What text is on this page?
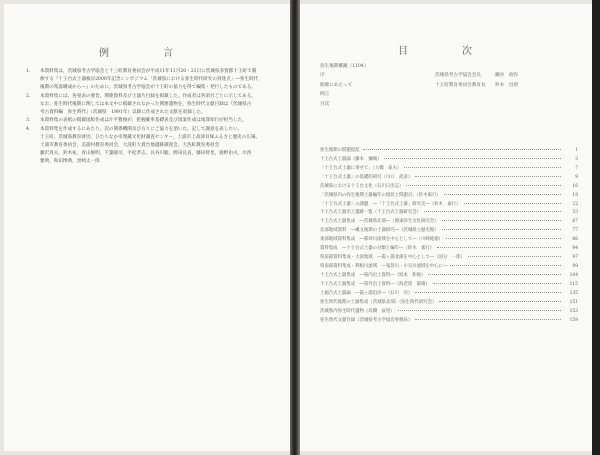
例　言
1.	本資料集は，茨城県考古学協会と十三町教育委員会が平成11年11月20・21日に茨城県多賀郡十王町で開
催する『十王台式土器検討2000年記念シンポジウム「茨城県における弥生時代研究の到達点」―弥生時代
後期の集落構成から―』のために，茨城県考古学協会が十王町の協力を得て編集・発行したものである。
2.	本資料集には，各発表の要旨，関連資料及び土器片目録を掲載した。作成者は各項目ごとに示してある。
なお，弥生時代後期に関しては本文中に掲載されなかった関連遺物を，弥生時代文献目録は『茨城県古
考古資料編　弥生時代』（茨城県　1991年）以降に作成された文献を収録した。
3.	本資料集の表紙の掲載図版作成は片平雅俊が，把握確率基礎表及び図案作成は尾澤知行が担当した。
4.	本資料集を作成するにあたり，次の関係機関及び方々にご協力を頂いた。記して謝意を表したい。
十王町，茨城県教育財団，ひたちなか市埋蔵文化財調査センター，土浦市上高津貝塚ふるさと歴史の広場，
土浦市教育委員会，美浦村教育委員会，大洗町大貫台地遺跡調査会，大洗町教育委員会
藤沢真夫，鈴木祐，青山俊明，千葉隆司，平松孝志，長谷川聡，野田良直，藤田智也，鹿野由夫，川西
雅明，和田博典，黒崎太一郎
目　次
弥生後期概観（1104）
序	茨城県考古学協会会長	瀬谷　政弥
開催にあたって	十王町教育委員会教育長	鈴木　昌則
例言
目次
弥生後期の問題提起	1
十王台式土器論（藤本　彌城）	3
「十王台式土器に寄せて」（大橋　泰夫）	7
「十王台式土器」の基礎的研究（川口　武彦）	9
茨城県における十王台文化（石川日出志）	16
「茨城県内の弥生後期土器編年の現状と問題点」（鈴木素行）	18
「十王台式土器」の課題　―「十王台式土器」研究史―（鈴木　素行）	22
十王台式土器出土遺跡一覧（十王台式土器研究会）	33
十王台式土器集成　―茨城県北部―（関東弥生文化研究会）	67
北部地域資料　―縄文後期の土器研究―（茨城県立歴史館）	77
東部地域資料集成　―那珂川流域を中心として―（川崎純徳）	86
資料集成　―十王台式土器の分類と編年―（鈴木　素行）	94
県南部資料集成・大洗地域　―霞ヶ浦北部を中心として―（国分　一郎）	97
県南部資料集成・利根川流域　―鬼怒川・小貝川流域を中心に―	99
十王台式土器集成　―県内出土資料―（坂本　和俊）	104
十王台式土器集成　―県外出土資料―（海老原　郁雄）	115
上稲吉式土器論　―霞ヶ浦沿岸―（石川　功）	135
弥生時代後期の土器集成（茨城県北部）（弥生時代研究会）	151
茨城県内弥生時代遺物（高橋　辰男）	153
弥生時代文献目録（茨城県考古学協会事務局）	159
